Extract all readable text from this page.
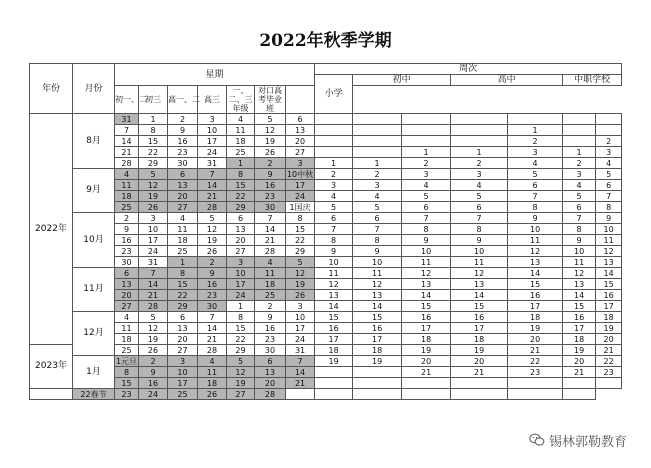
2022年秋季学期
年份	月份	星期							周次						
									小学	初中		高中		中职学校	
		初一、二	初三	高一、二	高三	一、二、三年级	对口高考毕业班								
2022年	8月	31	1	2	3	4	5	6							
		7	8	9	10	11	12	13					1		
		14	15	16	17	18	19	20					2		2
		21	22	23	24	25	26	27			1	1	3	1	3
		28	29	30	31	1	2	3	1	1	2	2	4	2	4
	9月	4	5	6	7	8	9	10中秋	2	2	3	3	5	3	5
		11	12	13	14	15	16	17	3	3	4	4	6	4	6
		18	19	20	21	22	23	24	4	4	5	5	7	5	7
		25	26	27	28	29	30	1国庆	5	5	6	6	8	6	8
	10月	2	3	4	5	6	7	8	6	6	7	7	9	7	9
		9	10	11	12	13	14	15	7	7	8	8	10	8	10
		16	17	18	19	20	21	22	8	8	9	9	11	9	11
		23	24	25	26	27	28	29	9	9	10	10	12	10	12
		30	31	1	2	3	4	5	10	10	11	11	13	11	13
	11月	6	7	8	9	10	11	12	11	11	12	12	14	12	14
		13	14	15	16	17	18	19	12	12	13	13	15	13	15
		20	21	22	23	24	25	26	13	13	14	14	16	14	16
		27	28	29	30	1	2	3	14	14	15	15	17	15	17
	12月	4	5	6	7	8	9	10	15	15	16	16	18	16	18
		11	12	13	14	15	16	17	16	16	17	17	19	17	19
		18	19	20	21	22	23	24	17	17	18	18	20	18	20
2023年		25	26	27	28	29	30	31	18	18	19	19	21	19	21
	1月	1元旦	2	3	4	5	6	7	19	19	20	20	22	20	22
		8	9	10	11	12	13	14			21	21	23	21	23
		15	16	17	18	19	20	21							
	22春节	23	24	25	26	27	28								
锡林郭勒教育
